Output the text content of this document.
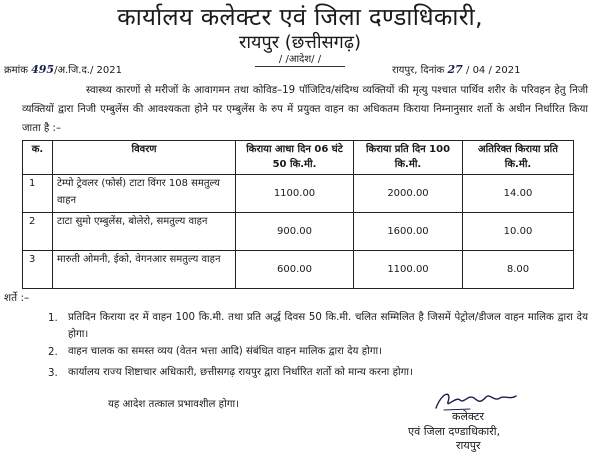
कार्यालय कलेक्टर एवं जिला दण्डाधिकारी,
रायपुर (छत्तीसगढ़)
/ /आदेश/ /
क्रमांक 495/अ.जि.द./ 2021	रायपुर, दिनांक 27 / 04 / 2021
स्वास्थ्य कारणों से मरीजों के आवागमन तथा कोविड–19 पॉजिटिव/संदिग्ध व्यक्तियों की मृत्यु पश्चात पार्थिव शरीर के परिवहन हेतु निजी व्यक्तियों द्वारा निजी एम्बुलेंस की आवश्यकता होने पर एम्बुलेंस के रुप में प्रयुक्त वाहन का अधिकतम किराया निम्नानुसार शर्तो के अधीन निर्धारित किया जाता है :–
क.	विवरण	किराया आधा दिन 06 घंटे 50 कि.मी.	किराया प्रति दिन 100 कि.मी.	अतिरिक्त किराया प्रति कि.मी.
1	टेम्पो ट्रेवलर (फोर्स) टाटा विंगर 108 समतुल्य वाहन	1100.00	2000.00	14.00
2	टाटा सुमो एम्बुलेंस, बोलेरो, समतुल्य वाहन	900.00	1600.00	10.00
3	मारुती ओमनी, ईको, वेगनआर समतुल्य वाहन	600.00	1100.00	8.00
शर्ते :–
1. प्रतिदिन किराया दर में वाहन 100 कि.मी. तथा प्रति अर्द्ध दिवस 50 कि.मी. चलित सम्मिलित है जिसमें पेट्रोल/डीजल वाहन मालिक द्वारा देय होगा।
2. वाहन चालक का समस्त व्यय (वेतन भत्ता आदि) संबंधित वाहन मालिक द्वारा देय होगा।
3. कार्यालय राज्य शिष्टाचार अधिकारी, छत्तीसगढ़ रायपुर द्वारा निर्धारित शर्तो को मान्य करना होगा।
यह आदेश तत्काल प्रभावशील होगा।
कलेक्टर
एवं जिला दण्डाधिकारी,
रायपुर
